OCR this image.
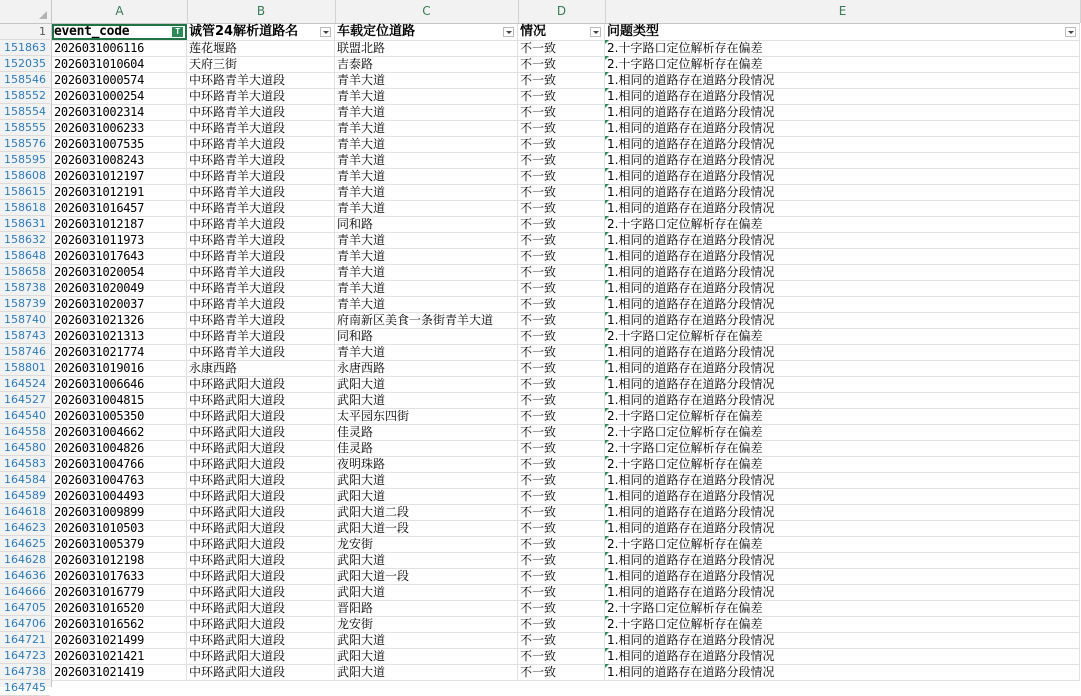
A	B	C	D	E
1 event_code	T 诚管24解析道路名	车载定位道路	情况	问题类型
151863 2026031006116	莲花堰路	联盟北路	不一致	2.十字路口定位解析存在偏差
152035 2026031010604	天府三街	吉泰路	不一致	2.十字路口定位解析存在偏差
158546 2026031000574	中环路青羊大道段	青羊大道	不一致	1.相同的道路存在道路分段情况
158552 2026031000254	中环路青羊大道段	青羊大道	不一致	1.相同的道路存在道路分段情况
158554 2026031002314	中环路青羊大道段	青羊大道	不一致	1.相同的道路存在道路分段情况
158555 2026031006233	中环路青羊大道段	青羊大道	不一致	1.相同的道路存在道路分段情况
158576 2026031007535	中环路青羊大道段	青羊大道	不一致	1.相同的道路存在道路分段情况
158595 2026031008243	中环路青羊大道段	青羊大道	不一致	1.相同的道路存在道路分段情况
158608 2026031012197	中环路青羊大道段	青羊大道	不一致	1.相同的道路存在道路分段情况
158615 2026031012191	中环路青羊大道段	青羊大道	不一致	1.相同的道路存在道路分段情况
158618 2026031016457	中环路青羊大道段	青羊大道	不一致	1.相同的道路存在道路分段情况
158631 2026031012187	中环路青羊大道段	同和路	不一致	2.十字路口定位解析存在偏差
158632 2026031011973	中环路青羊大道段	青羊大道	不一致	1.相同的道路存在道路分段情况
158648 2026031017643	中环路青羊大道段	青羊大道	不一致	1.相同的道路存在道路分段情况
158658 2026031020054	中环路青羊大道段	青羊大道	不一致	1.相同的道路存在道路分段情况
158738 2026031020049	中环路青羊大道段	青羊大道	不一致	1.相同的道路存在道路分段情况
158739 2026031020037	中环路青羊大道段	青羊大道	不一致	1.相同的道路存在道路分段情况
158740 2026031021326	中环路青羊大道段	府南新区美食一条街青羊大道	不一致	1.相同的道路存在道路分段情况
158743 2026031021313	中环路青羊大道段	同和路	不一致	2.十字路口定位解析存在偏差
158746 2026031021774	中环路青羊大道段	青羊大道	不一致	1.相同的道路存在道路分段情况
158801 2026031019016	永康西路	永唐西路	不一致	1.相同的道路存在道路分段情况
164524 2026031006646	中环路武阳大道段	武阳大道	不一致	1.相同的道路存在道路分段情况
164527 2026031004815	中环路武阳大道段	武阳大道	不一致	1.相同的道路存在道路分段情况
164540 2026031005350	中环路武阳大道段	太平园东四街	不一致	2.十字路口定位解析存在偏差
164558 2026031004662	中环路武阳大道段	佳灵路	不一致	2.十字路口定位解析存在偏差
164580 2026031004826	中环路武阳大道段	佳灵路	不一致	2.十字路口定位解析存在偏差
164583 2026031004766	中环路武阳大道段	夜明珠路	不一致	2.十字路口定位解析存在偏差
164584 2026031004763	中环路武阳大道段	武阳大道	不一致	1.相同的道路存在道路分段情况
164589 2026031004493	中环路武阳大道段	武阳大道	不一致	1.相同的道路存在道路分段情况
164618 2026031009899	中环路武阳大道段	武阳大道二段	不一致	1.相同的道路存在道路分段情况
164623 2026031010503	中环路武阳大道段	武阳大道一段	不一致	1.相同的道路存在道路分段情况
164625 2026031005379	中环路武阳大道段	龙安街	不一致	2.十字路口定位解析存在偏差
164628 2026031012198	中环路武阳大道段	武阳大道	不一致	1.相同的道路存在道路分段情况
164636 2026031017633	中环路武阳大道段	武阳大道一段	不一致	1.相同的道路存在道路分段情况
164666 2026031016779	中环路武阳大道段	武阳大道	不一致	1.相同的道路存在道路分段情况
164705 2026031016520	中环路武阳大道段	晋阳路	不一致	2.十字路口定位解析存在偏差
164706 2026031016562	中环路武阳大道段	龙安街	不一致	2.十字路口定位解析存在偏差
164721 2026031021499	中环路武阳大道段	武阳大道	不一致	1.相同的道路存在道路分段情况
164723 2026031021421	中环路武阳大道段	武阳大道	不一致	1.相同的道路存在道路分段情况
164738 2026031021419	中环路武阳大道段	武阳大道	不一致	1.相同的道路存在道路分段情况
164745
